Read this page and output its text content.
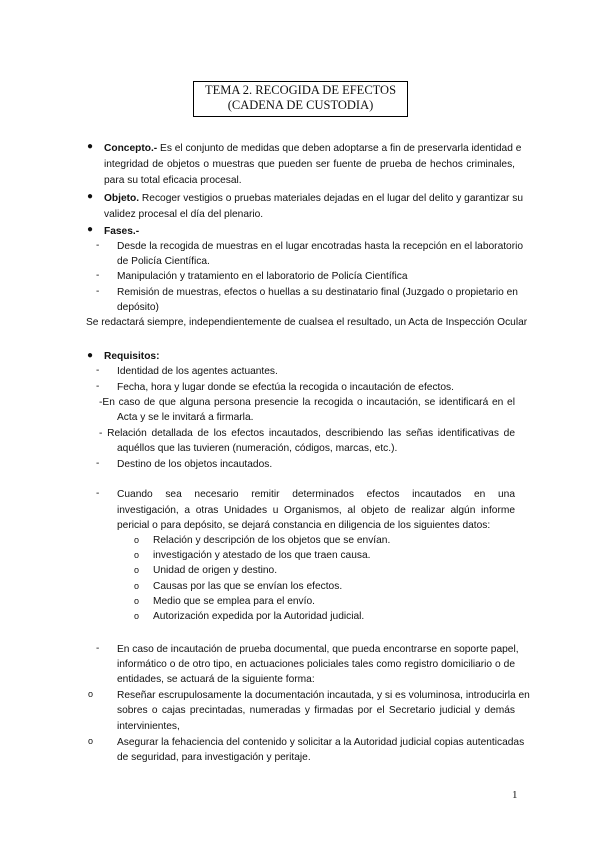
TEMA 2. RECOGIDA DE EFECTOS
(CADENA DE CUSTODIA)
● Concepto.- Es el conjunto de medidas que deben adoptarse a fin de preservarla identidad e
integridad de objetos o muestras que pueden ser fuente de prueba de hechos criminales,
para su total eficacia procesal.
● Objeto. Recoger vestigios o pruebas materiales dejadas en el lugar del delito y garantizar su
validez procesal el día del plenario.
● Fases.-
- Desde la recogida de muestras en el lugar encotradas hasta la recepción en el laboratorio
de Policía Científica.
- Manipulación y tratamiento en el laboratorio de Policía Científica
- Remisión de muestras, efectos o huellas a su destinatario final (Juzgado o propietario en
depósito)
Se redactará siempre, independientemente de cualsea el resultado, un Acta de Inspección Ocular
● Requisitos:
- Identidad de los agentes actuantes.
- Fecha, hora y lugar donde se efectúa la recogida o incautación de efectos.
-En caso de que alguna persona presencie la recogida o incautación, se identificará en el
Acta y se le invitará a firmarla.
- Relación detallada de los efectos incautados, describiendo las señas identificativas de
aquéllos que las tuvieren (numeración, códigos, marcas, etc.).
- Destino de los objetos incautados.
- Cuando sea necesario remitir determinados efectos incautados en una
investigación, a otras Unidades u Organismos, al objeto de realizar algún informe
pericial o para depósito, se dejará constancia en diligencia de los siguientes datos:
o Relación y descripción de los objetos que se envían.
o investigación y atestado de los que traen causa.
o Unidad de origen y destino.
o Causas por las que se envían los efectos.
o Medio que se emplea para el envío.
o Autorización expedida por la Autoridad judicial.
- En caso de incautación de prueba documental, que pueda encontrarse en soporte papel,
informático o de otro tipo, en actuaciones policiales tales como registro domiciliario o de
entidades, se actuará de la siguiente forma:
o Reseñar escrupulosamente la documentación incautada, y si es voluminosa, introducirla en
sobres o cajas precintadas, numeradas y firmadas por el Secretario judicial y demás
intervinientes,
o Asegurar la fehaciencia del contenido y solicitar a la Autoridad judicial copias autenticadas
de seguridad, para investigación y peritaje.
1
